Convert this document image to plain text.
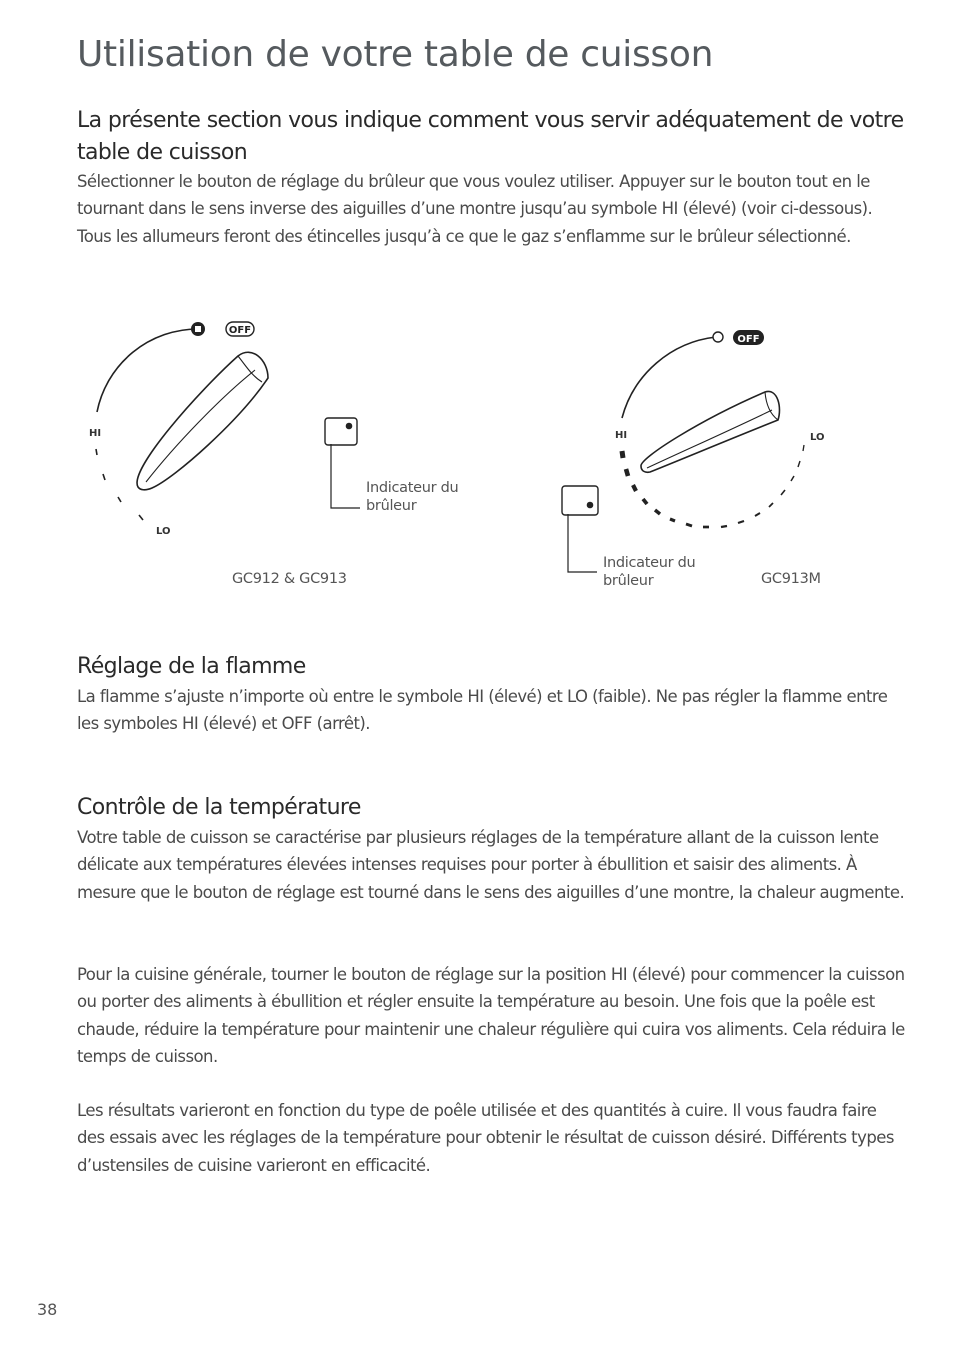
Utilisation de votre table de cuisson
La présente section vous indique comment vous servir adéquatement de votre table de cuisson

Sélectionner le bouton de réglage du brûleur que vous voulez utiliser. Appuyer sur le bouton tout en le tournant dans le sens inverse des aiguilles d’une montre jusqu’au symbole HI (élevé) (voir ci-dessous). Tous les allumeurs feront des étincelles jusqu’à ce que le gaz s’enflamme sur le brûleur sélectionné.

OFF
HI
LO
Indicateur du
brûleur
GC912 & GC913
OFF
HI	LO
Indicateur du
brûleur	GC913M
Réglage de la flamme

La flamme s’ajuste n’importe où entre le symbole HI (élevé) et LO (faible). Ne pas régler la flamme entre les symboles HI (élevé) et OFF (arrêt).

Contrôle de la température

Votre table de cuisson se caractérise par plusieurs réglages de la température allant de la cuisson lente délicate aux températures élevées intenses requises pour porter à ébullition et saisir des aliments. À mesure que le bouton de réglage est tourné dans le sens des aiguilles d’une montre, la chaleur augmente.

Pour la cuisine générale, tourner le bouton de réglage sur la position HI (élevé) pour commencer la cuisson ou porter des aliments à ébullition et régler ensuite la température au besoin. Une fois que la poêle est chaude, réduire la température pour maintenir une chaleur régulière qui cuira vos aliments. Cela réduira le temps de cuisson.

Les résultats varieront en fonction du type de poêle utilisée et des quantités à cuire. Il vous faudra faire des essais avec les réglages de la température pour obtenir le résultat de cuisson désiré. Différents types d’ustensiles de cuisine varieront en efficacité.

38
